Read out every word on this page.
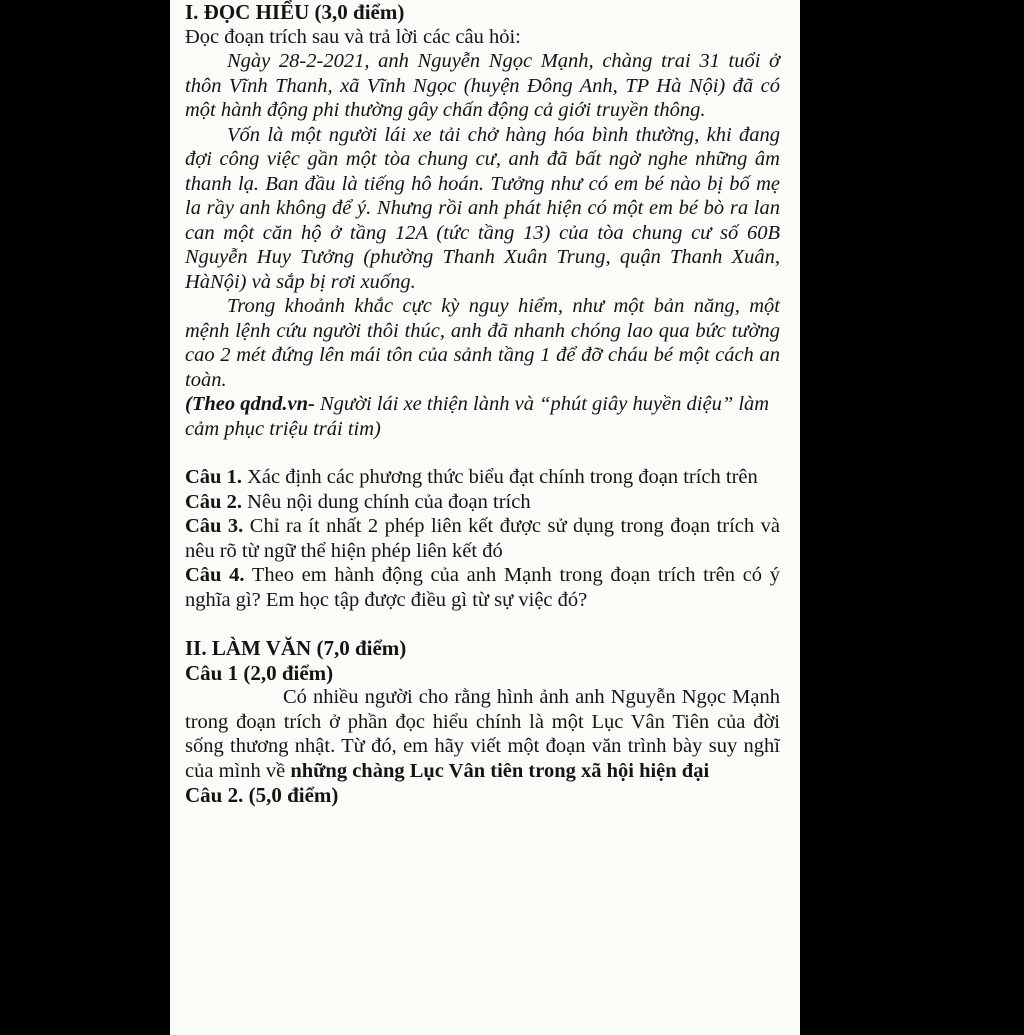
I. ĐỌC HIỂU (3,0 điểm)

Đọc đoạn trích sau và trả lời các câu hỏi:

Ngày 28-2-2021, anh Nguyễn Ngọc Mạnh, chàng trai 31 tuổi ở thôn Vĩnh Thanh, xã Vĩnh Ngọc (huyện Đông Anh, TP Hà Nội) đã có một hành động phi thường gây chấn động cả giới truyền thông.

Vốn là một người lái xe tải chở hàng hóa bình thường, khi đang đợi công việc gần một tòa chung cư, anh đã bất ngờ nghe những âm thanh lạ. Ban đầu là tiếng hô hoán. Tưởng như có em bé nào bị bố mẹ la rầy anh không để ý. Nhưng rồi anh phát hiện có một em bé bò ra lan can một căn hộ ở tầng 12A (tức tầng 13) của tòa chung cư số 60B Nguyễn Huy Tưởng (phường Thanh Xuân Trung, quận Thanh Xuân, HàNội) và sắp bị rơi xuống.

Trong khoảnh khắc cực kỳ nguy hiểm, như một bản năng, một mệnh lệnh cứu người thôi thúc, anh đã nhanh chóng lao qua bức tường cao 2 mét đứng lên mái tôn của sảnh tầng 1 để đỡ cháu bé một cách an toàn.

(Theo qdnd.vn- Người lái xe thiện lành và “phút giây huyền diệu” làm cảm phục triệu trái tim)

Câu 1. Xác định các phương thức biểu đạt chính trong đoạn trích trên

Câu 2. Nêu nội dung chính của đoạn trích

Câu 3. Chỉ ra ít nhất 2 phép liên kết được sử dụng trong đoạn trích và nêu rõ từ ngữ thể hiện phép liên kết đó

Câu 4. Theo em hành động của anh Mạnh trong đoạn trích trên có ý nghĩa gì? Em học tập được điều gì từ sự việc đó?

II. LÀM VĂN (7,0 điểm)

Câu 1 (2,0 điểm)

Có nhiều người cho rằng hình ảnh anh Nguyễn Ngọc Mạnh trong đoạn trích ở phần đọc hiểu chính là một Lục Vân Tiên của đời sống thương nhật. Từ đó, em hãy viết một đoạn văn trình bày suy nghĩ của mình về những chàng Lục Vân tiên trong xã hội hiện đại

Câu 2. (5,0 điểm)
